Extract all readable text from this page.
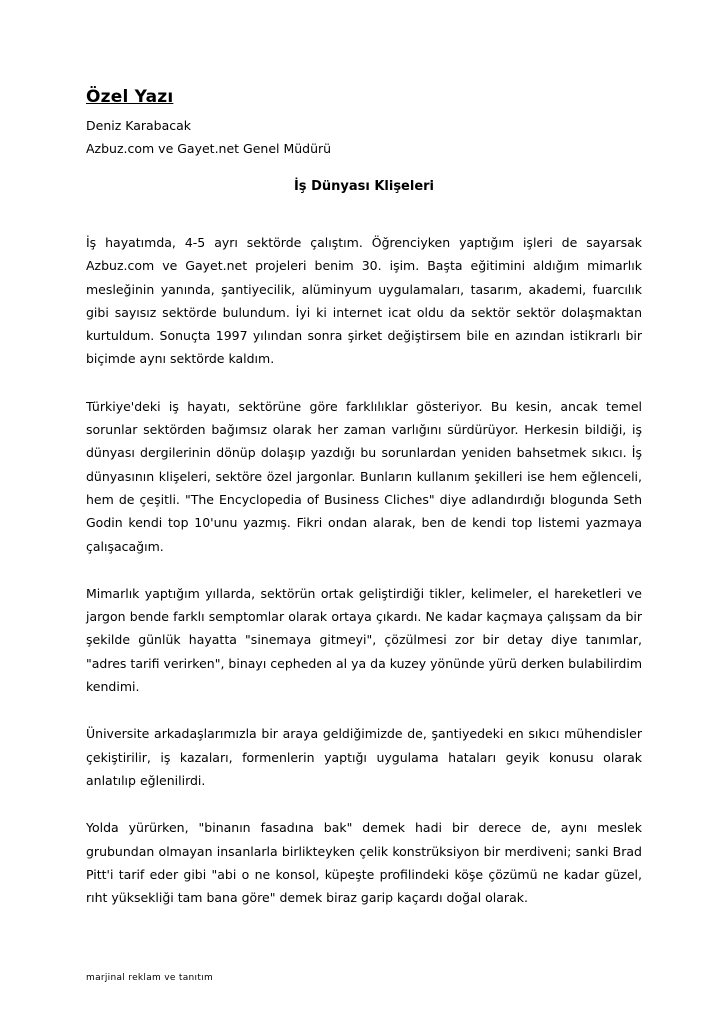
Özel Yazı

Deniz Karabacak

Azbuz.com ve Gayet.net Genel Müdürü

İş Dünyası Klişeleri

İş hayatımda, 4-5 ayrı sektörde çalıştım. Öğrenciyken yaptığım işleri de sayarsak Azbuz.com ve Gayet.net projeleri benim 30. işim. Başta eğitimini aldığım mimarlık mesleğinin yanında, şantiyecilik, alüminyum uygulamaları, tasarım, akademi, fuarcılık gibi sayısız sektörde bulundum. İyi ki internet icat oldu da sektör sektör dolaşmaktan kurtuldum. Sonuçta 1997 yılından sonra şirket değiştirsem bile en azından istikrarlı bir biçimde aynı sektörde kaldım.

Türkiye'deki iş hayatı, sektörüne göre farklılıklar gösteriyor. Bu kesin, ancak temel sorunlar sektörden bağımsız olarak her zaman varlığını sürdürüyor. Herkesin bildiği, iş dünyası dergilerinin dönüp dolaşıp yazdığı bu sorunlardan yeniden bahsetmek sıkıcı. İş dünyasının klişeleri, sektöre özel jargonlar. Bunların kullanım şekilleri ise hem eğlenceli, hem de çeşitli. "The Encyclopedia of Business Cliches" diye adlandırdığı blogunda Seth Godin kendi top 10'unu yazmış. Fikri ondan alarak, ben de kendi top listemi yazmaya çalışacağım.

Mimarlık yaptığım yıllarda, sektörün ortak geliştirdiği tikler, kelimeler, el hareketleri ve jargon bende farklı semptomlar olarak ortaya çıkardı. Ne kadar kaçmaya çalışsam da bir şekilde günlük hayatta "sinemaya gitmeyi", çözülmesi zor bir detay diye tanımlar, "adres tarifi verirken", binayı cepheden al ya da kuzey yönünde yürü derken bulabilirdim kendimi.

Üniversite arkadaşlarımızla bir araya geldiğimizde de, şantiyedeki en sıkıcı mühendisler çekiştirilir, iş kazaları, formenlerin yaptığı uygulama hataları geyik konusu olarak anlatılıp eğlenilirdi.

Yolda yürürken, "binanın fasadına bak" demek hadi bir derece de, aynı meslek grubundan olmayan insanlarla birlikteyken çelik konstrüksiyon bir merdiveni; sanki Brad Pitt'i tarif eder gibi "abi o ne konsol, küpeşte profilindeki köşe çözümü ne kadar güzel, rıht yüksekliği tam bana göre" demek biraz garip kaçardı doğal olarak.

marjinal reklam ve tanıtım
